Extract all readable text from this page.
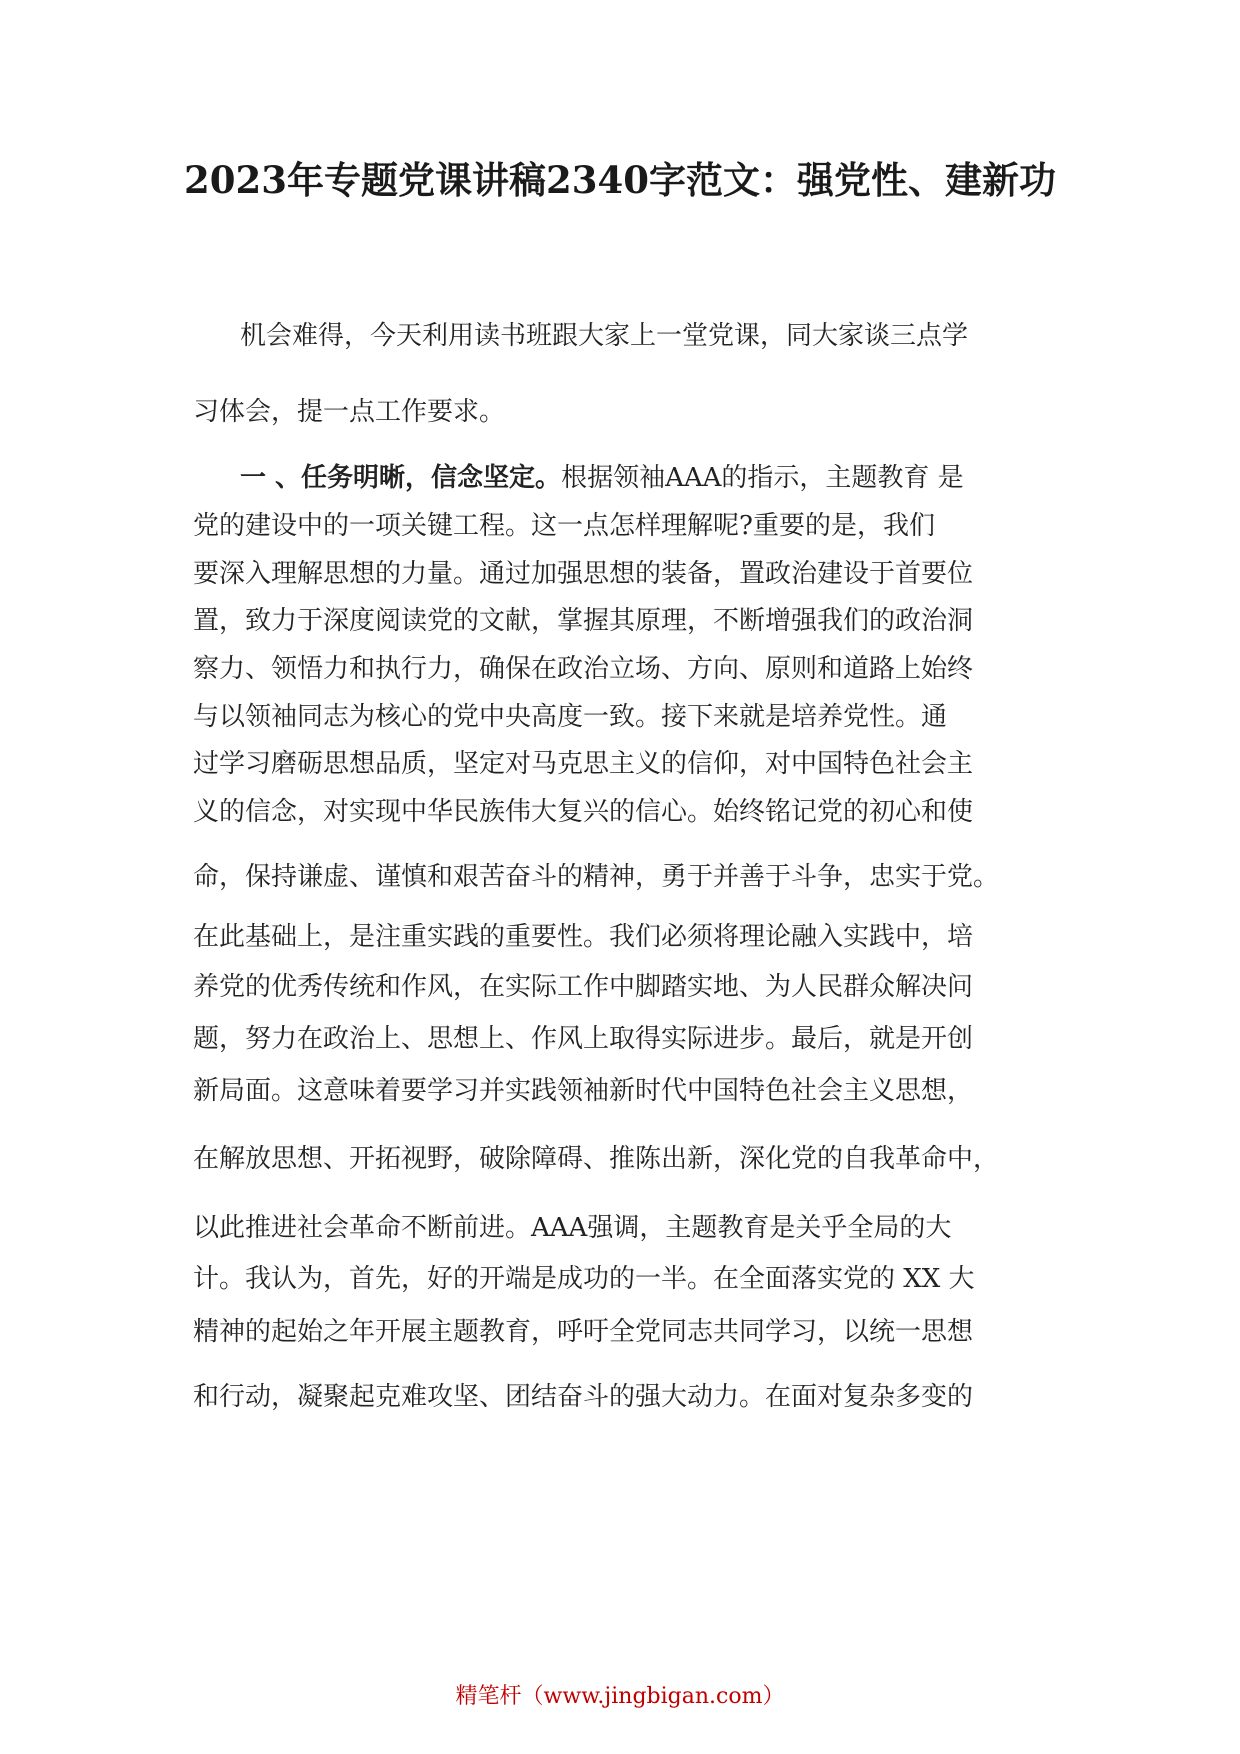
2023年专题党课讲稿2340字范文：强党性、建新功
机会难得，今天利用读书班跟大家上一堂党课，同大家谈三点学
习体会，提一点工作要求。
一 、任务明晰，信念坚定。根据领袖AAA的指示，主题教育 是
党的建设中的一项关键工程。这一点怎样理解呢?重要的是，我们
要深入理解思想的力量。通过加强思想的装备，置政治建设于首要位
置，致力于深度阅读党的文献，掌握其原理，不断增强我们的政治洞
察力、领悟力和执行力，确保在政治立场、方向、原则和道路上始终
与以领袖同志为核心的党中央高度一致。接下来就是培养党性。通
过学习磨砺思想品质，坚定对马克思主义的信仰，对中国特色社会主
义的信念，对实现中华民族伟大复兴的信心。始终铭记党的初心和使
命，保持谦虚、谨慎和艰苦奋斗的精神，勇于并善于斗争，忠实于党。
在此基础上，是注重实践的重要性。我们必须将理论融入实践中，培
养党的优秀传统和作风，在实际工作中脚踏实地、为人民群众解决问
题，努力在政治上、思想上、作风上取得实际进步。最后，就是开创
新局面。这意味着要学习并实践领袖新时代中国特色社会主义思想，
在解放思想、开拓视野，破除障碍、推陈出新，深化党的自我革命中，
以此推进社会革命不断前进。AAA强调，主题教育是关乎全局的大
计。我认为，首先，好的开端是成功的一半。在全面落实党的 XX 大
精神的起始之年开展主题教育，呼吁全党同志共同学习，以统一思想
和行动，凝聚起克难攻坚、团结奋斗的强大动力。在面对复杂多变的
精笔杆（www.jingbigan.com）
